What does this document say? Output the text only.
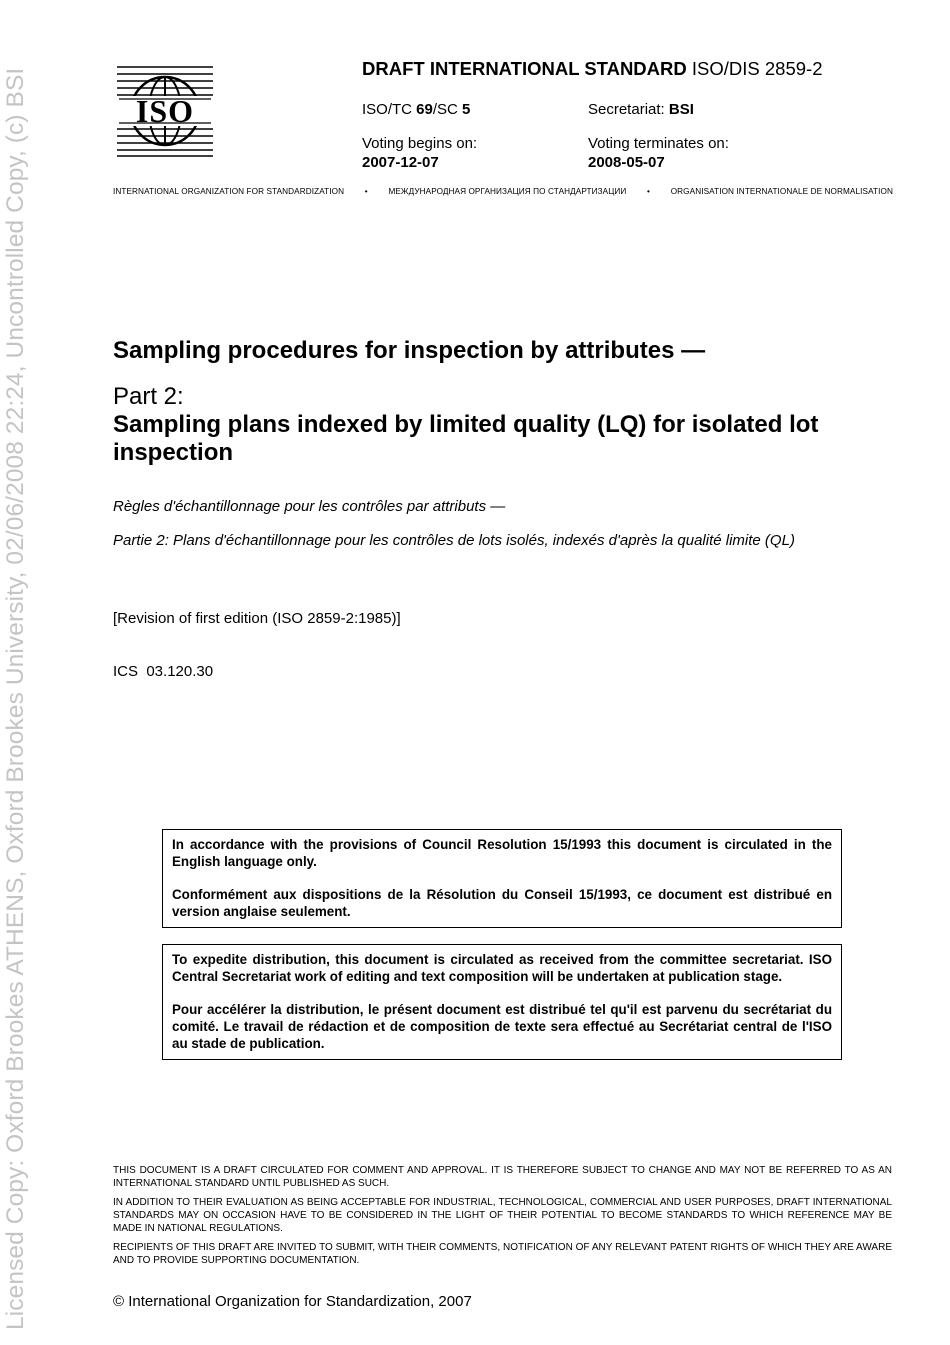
Licensed Copy: Oxford Brookes ATHENS, Oxford Brookes University, 02/06/2008 22:24, Uncontrolled Copy, (c) BSI	ISO
DRAFT INTERNATIONAL STANDARD ISO/DIS 2859-2
ISO/TC 69/SC 5	Secretariat: BSI
Voting begins on:
2007-12-07
Voting terminates on:
2008-05-07
INTERNATIONAL ORGANIZATION FOR STANDARDIZATION	•	МЕЖДУНАРОДНАЯ ОРГАНИЗАЦИЯ ПО СТАНДАРТИЗАЦИИ	•	ORGANISATION INTERNATIONALE DE NORMALISATION
Sampling procedures for inspection by attributes —
Part 2:
Sampling plans indexed by limited quality (LQ) for isolated lot inspection
Règles d'échantillonnage pour les contrôles par attributs —
Partie 2: Plans d'échantillonnage pour les contrôles de lots isolés, indexés d'après la qualité limite (QL)
[Revision of first edition (ISO 2859-2:1985)]
ICS  03.120.30

In accordance with the provisions of Council Resolution 15/1993 this document is circulated in the English language only.

Conformément aux dispositions de la Résolution du Conseil 15/1993, ce document est distribué en version anglaise seulement.

To expedite distribution, this document is circulated as received from the committee secretariat. ISO Central Secretariat work of editing and text composition will be undertaken at publication stage.

Pour accélérer la distribution, le présent document est distribué tel qu'il est parvenu du secrétariat du comité. Le travail de rédaction et de composition de texte sera effectué au Secrétariat central de l'ISO au stade de publication.

THIS DOCUMENT IS A DRAFT CIRCULATED FOR COMMENT AND APPROVAL. IT IS THEREFORE SUBJECT TO CHANGE AND MAY NOT BE REFERRED TO AS AN INTERNATIONAL STANDARD UNTIL PUBLISHED AS SUCH.

IN ADDITION TO THEIR EVALUATION AS BEING ACCEPTABLE FOR INDUSTRIAL, TECHNOLOGICAL, COMMERCIAL AND USER PURPOSES, DRAFT INTERNATIONAL STANDARDS MAY ON OCCASION HAVE TO BE CONSIDERED IN THE LIGHT OF THEIR POTENTIAL TO BECOME STANDARDS TO WHICH REFERENCE MAY BE MADE IN NATIONAL REGULATIONS.

RECIPIENTS OF THIS DRAFT ARE INVITED TO SUBMIT, WITH THEIR COMMENTS, NOTIFICATION OF ANY RELEVANT PATENT RIGHTS OF WHICH THEY ARE AWARE AND TO PROVIDE SUPPORTING DOCUMENTATION.

© International Organization for Standardization, 2007
